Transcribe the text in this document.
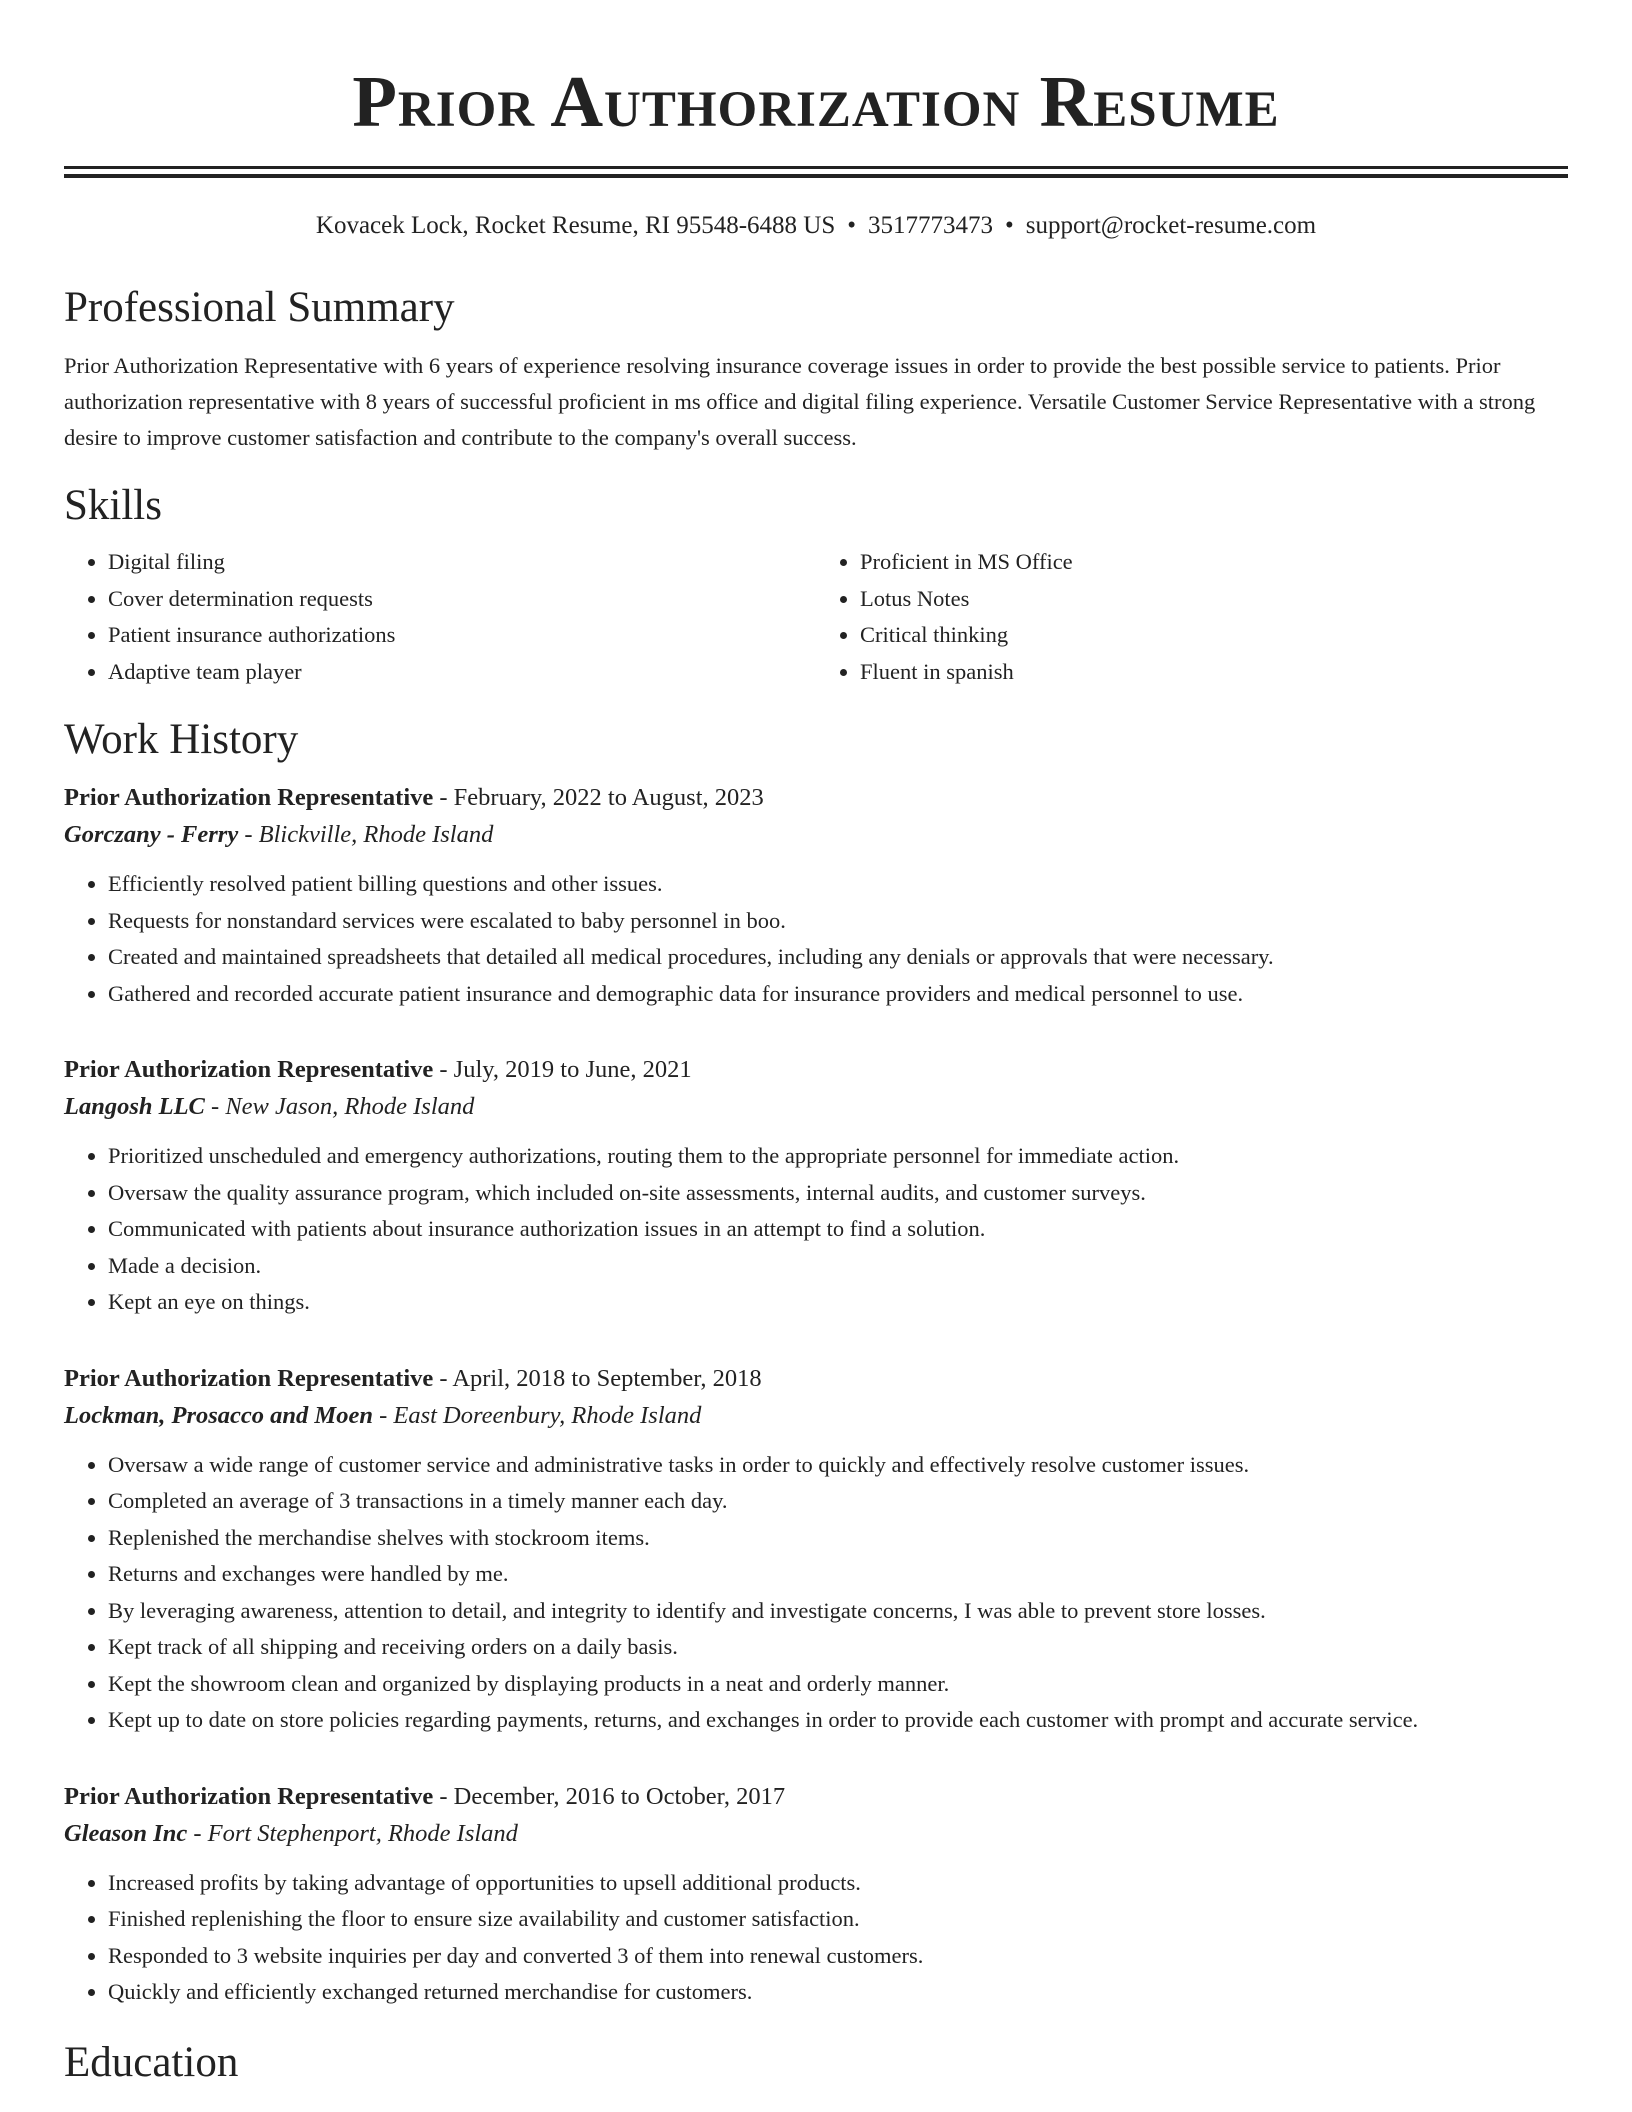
Prior Authorization Resume
Kovacek Lock, Rocket Resume, RI 95548-6488 US • 3517773473 • support@rocket-resume.com
Professional Summary

Prior Authorization Representative with 6 years of experience resolving insurance coverage issues in order to provide the best possible service to patients. Prior authorization representative with 8 years of successful proficient in ms office and digital filing experience. Versatile Customer Service Representative with a strong desire to improve customer satisfaction and contribute to the company's overall success.

Skills
• Digital filing
• Cover determination requests
• Patient insurance authorizations
• Adaptive team player
• Proficient in MS Office
• Lotus Notes
• Critical thinking
• Fluent in spanish
Work History
Prior Authorization Representative - February, 2022 to August, 2023
Gorczany - Ferry - Blickville, Rhode Island
• Efficiently resolved patient billing questions and other issues.
• Requests for nonstandard services were escalated to baby personnel in boo.
• Created and maintained spreadsheets that detailed all medical procedures, including any denials or approvals that were necessary.
• Gathered and recorded accurate patient insurance and demographic data for insurance providers and medical personnel to use.
Prior Authorization Representative - July, 2019 to June, 2021
Langosh LLC - New Jason, Rhode Island
• Prioritized unscheduled and emergency authorizations, routing them to the appropriate personnel for immediate action.
• Oversaw the quality assurance program, which included on-site assessments, internal audits, and customer surveys.
• Communicated with patients about insurance authorization issues in an attempt to find a solution.
• Made a decision.
• Kept an eye on things.
Prior Authorization Representative - April, 2018 to September, 2018
Lockman, Prosacco and Moen - East Doreenbury, Rhode Island
• Oversaw a wide range of customer service and administrative tasks in order to quickly and effectively resolve customer issues.
• Completed an average of 3 transactions in a timely manner each day.
• Replenished the merchandise shelves with stockroom items.
• Returns and exchanges were handled by me.
• By leveraging awareness, attention to detail, and integrity to identify and investigate concerns, I was able to prevent store losses.
• Kept track of all shipping and receiving orders on a daily basis.
• Kept the showroom clean and organized by displaying products in a neat and orderly manner.
• Kept up to date on store policies regarding payments, returns, and exchanges in order to provide each customer with prompt and accurate service.
Prior Authorization Representative - December, 2016 to October, 2017
Gleason Inc - Fort Stephenport, Rhode Island
• Increased profits by taking advantage of opportunities to upsell additional products.
• Finished replenishing the floor to ensure size availability and customer satisfaction.
• Responded to 3 website inquiries per day and converted 3 of them into renewal customers.
• Quickly and efficiently exchanged returned merchandise for customers.
Education
